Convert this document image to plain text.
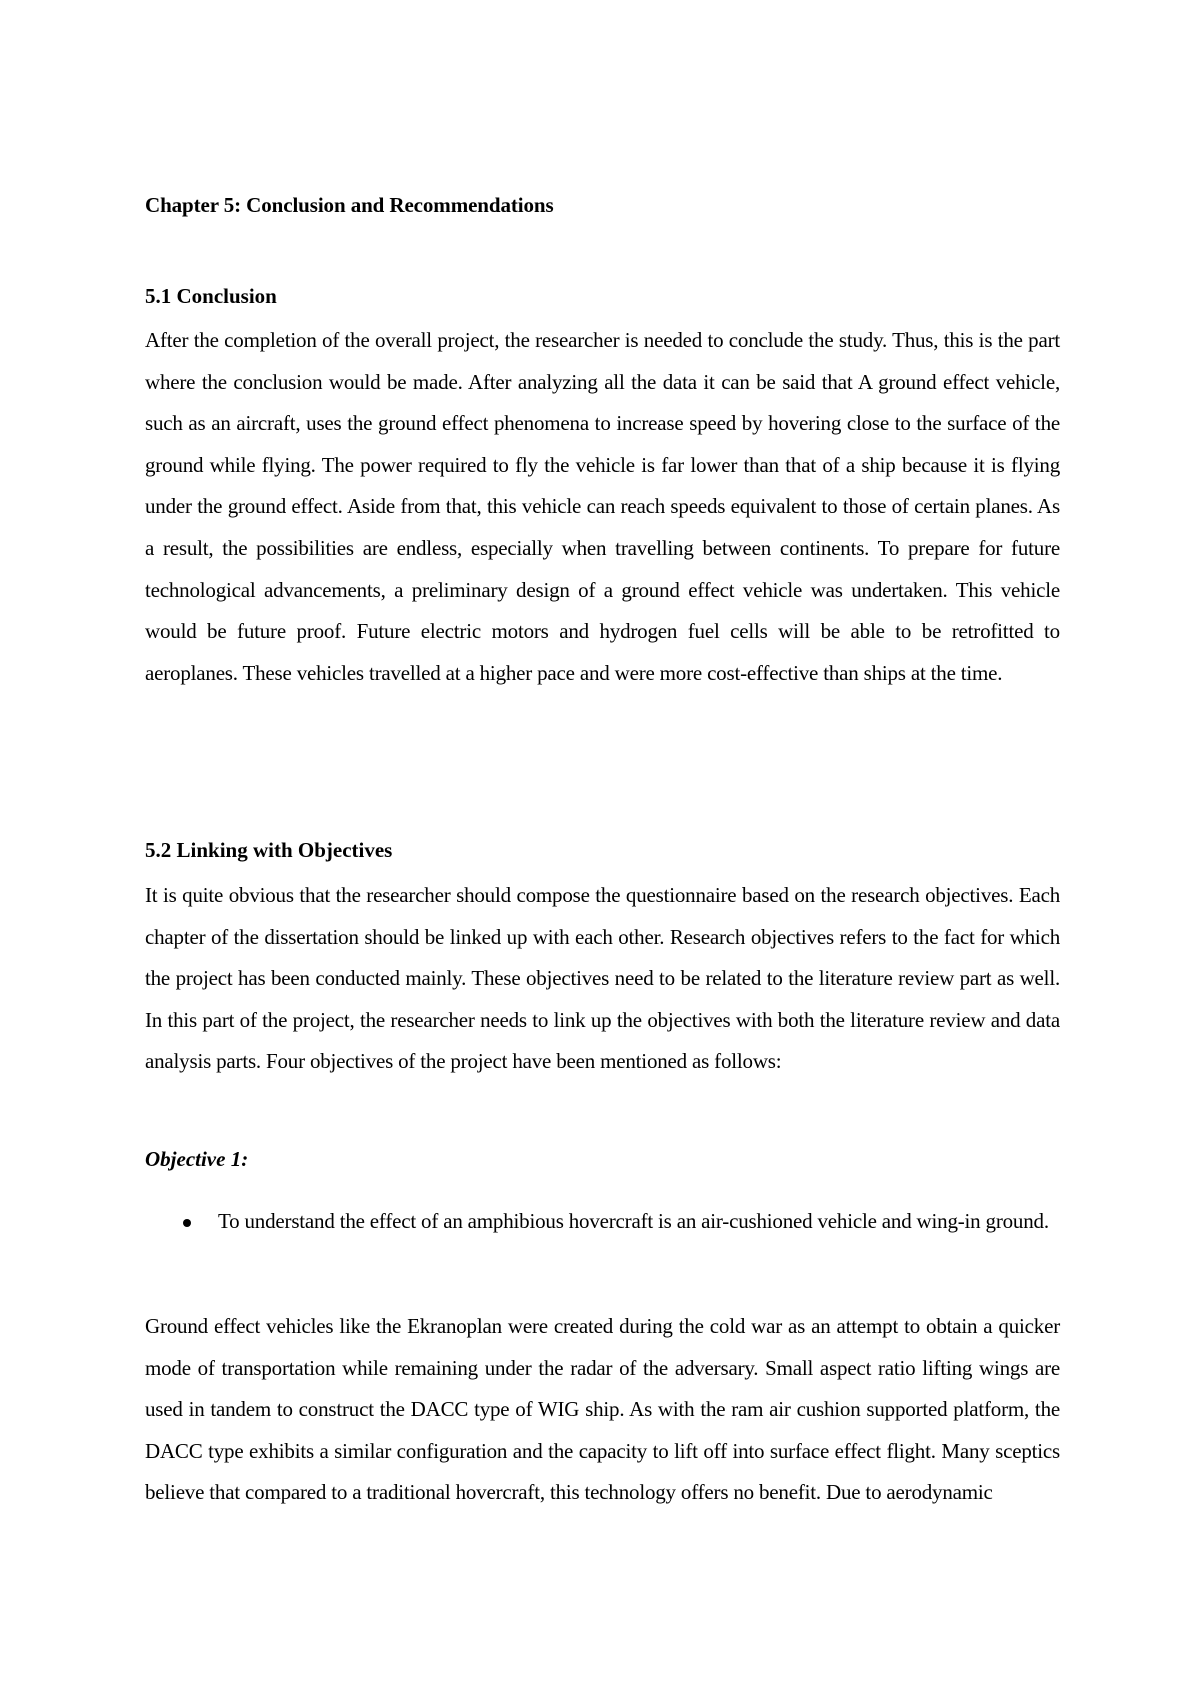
Chapter 5: Conclusion and Recommendations
5.1 Conclusion

After the completion of the overall project, the researcher is needed to conclude the study. Thus, this is the part where the conclusion would be made. After analyzing all the data it can be said that A ground effect vehicle, such as an aircraft, uses the ground effect phenomena to increase speed by hovering close to the surface of the ground while flying. The power required to fly the vehicle is far lower than that of a ship because it is flying under the ground effect. Aside from that, this vehicle can reach speeds equivalent to those of certain planes. As a result, the possibilities are endless, especially when travelling between continents. To prepare for future technological advancements, a preliminary design of a ground effect vehicle was undertaken. This vehicle would be future proof. Future electric motors and hydrogen fuel cells will be able to be retrofitted to aeroplanes. These vehicles travelled at a higher pace and were more cost-effective than ships at the time.

5.2 Linking with Objectives

It is quite obvious that the researcher should compose the questionnaire based on the research objectives. Each chapter of the dissertation should be linked up with each other. Research objectives refers to the fact for which the project has been conducted mainly. These objectives need to be related to the literature review part as well. In this part of the project, the researcher needs to link up the objectives with both the literature review and data analysis parts. Four objectives of the project have been mentioned as follows:

Objective 1:
To understand the effect of an amphibious hovercraft is an air-cushioned vehicle and wing-in ground.

Ground effect vehicles like the Ekranoplan were created during the cold war as an attempt to obtain a quicker mode of transportation while remaining under the radar of the adversary. Small aspect ratio lifting wings are used in tandem to construct the DACC type of WIG ship. As with the ram air cushion supported platform, the DACC type exhibits a similar configuration and the capacity to lift off into surface effect flight. Many sceptics believe that compared to a traditional hovercraft, this technology offers no benefit. Due to aerodynamic
